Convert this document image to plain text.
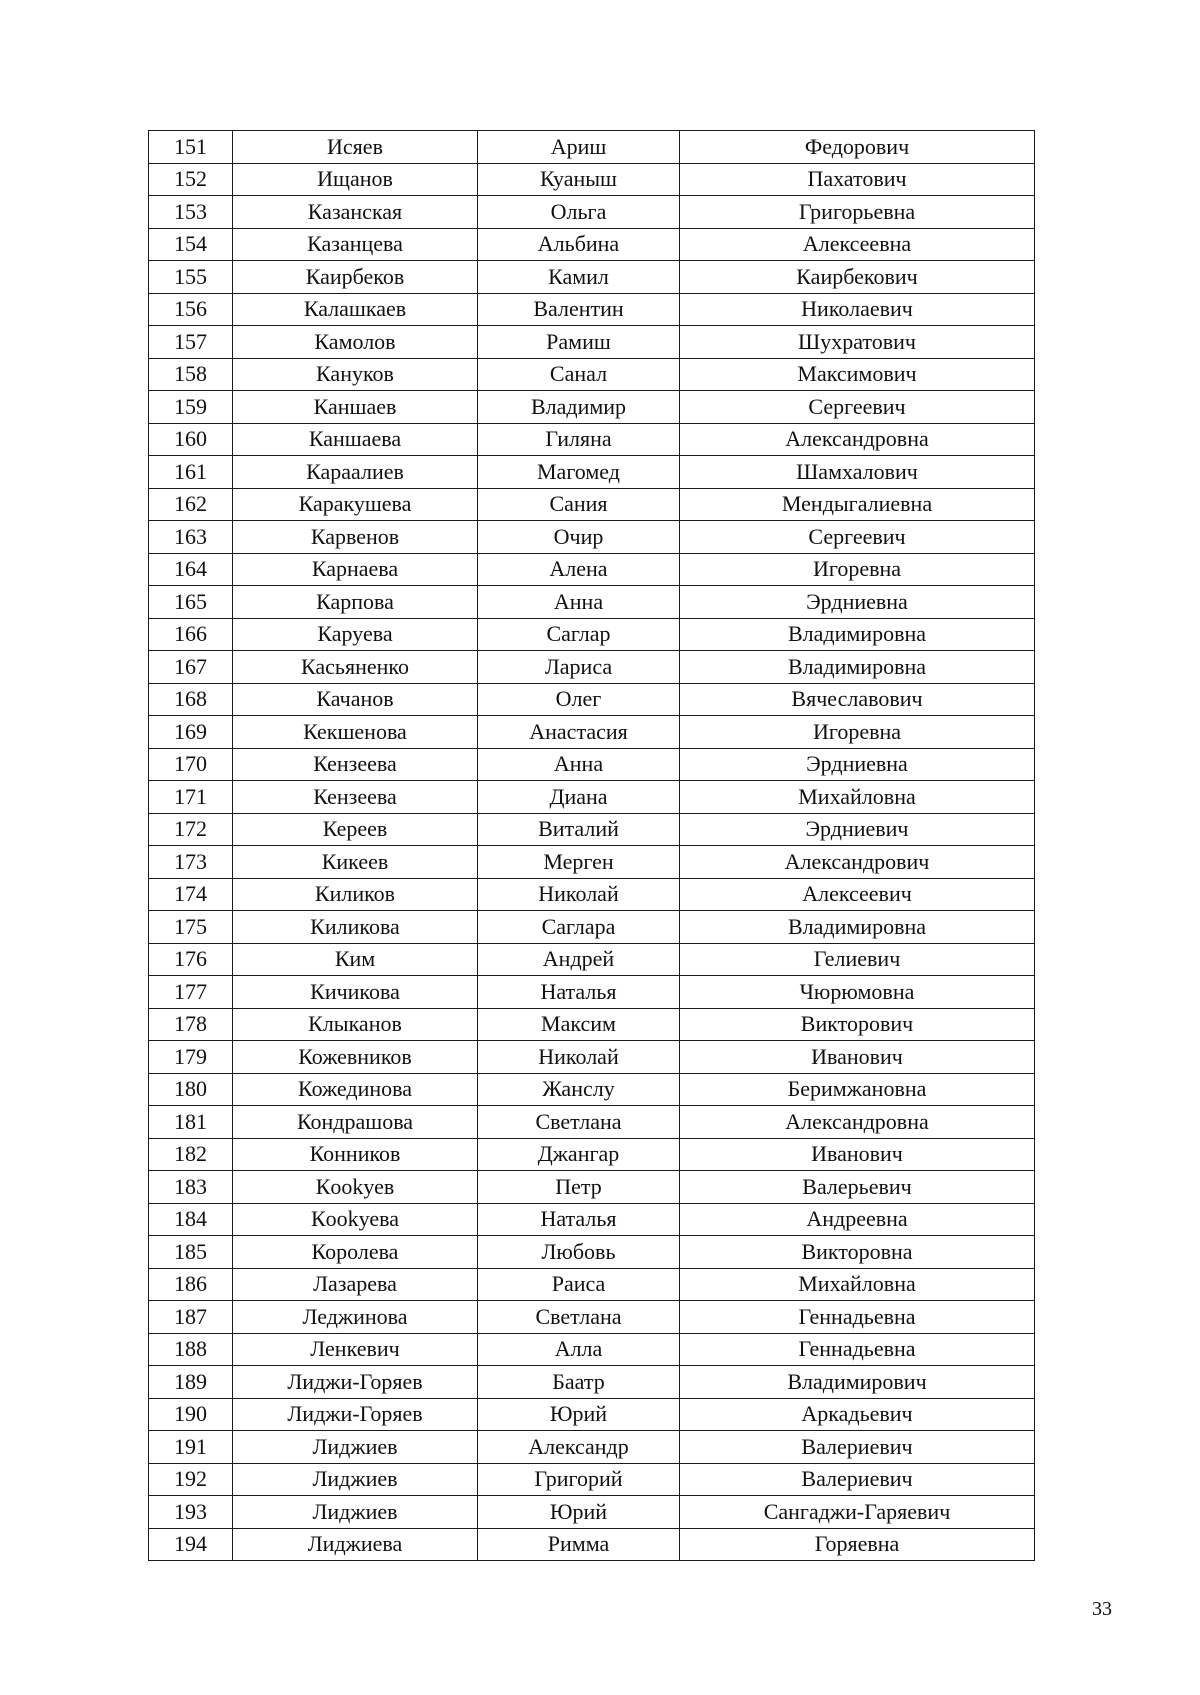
151	Исяев	Ариш	Федорович
152	Ищанов	Куаныш	Пахатович
153	Казанская	Ольга	Григорьевна
154	Казанцева	Альбина	Алексеевна
155	Каирбеков	Камил	Каирбекович
156	Калашкаев	Валентин	Николаевич
157	Камолов	Рамиш	Шухратович
158	Кануков	Санал	Максимович
159	Каншаев	Владимир	Сергеевич
160	Каншаева	Гиляна	Александровна
161	Караалиев	Магомед	Шамхалович
162	Каракушева	Сания	Мендыгалиевна
163	Карвенов	Очир	Сергеевич
164	Карнаева	Алена	Игоревна
165	Карпова	Анна	Эрдниевна
166	Каруева	Саглар	Владимировна
167	Касьяненко	Лариса	Владимировна
168	Качанов	Олег	Вячеславович
169	Кекшенова	Анастасия	Игоревна
170	Кензеева	Анна	Эрдниевна
171	Кензеева	Диана	Михайловна
172	Кереев	Виталий	Эрдниевич
173	Кикеев	Мерген	Александрович
174	Киликов	Николай	Алексеевич
175	Киликова	Саглара	Владимировна
176	Ким	Андрей	Гелиевич
177	Кичикова	Наталья	Чюрюмовна
178	Клыканов	Максим	Викторович
179	Кожевников	Николай	Иванович
180	Кожединова	Жанслу	Беримжановна
181	Кондрашова	Светлана	Александровна
182	Конников	Джангар	Иванович
183	Кookуев	Петр	Валерьевич
184	Кookуева	Наталья	Андреевна
185	Королева	Любовь	Викторовна
186	Лазарева	Раиса	Михайловна
187	Леджинова	Светлана	Геннадьевна
188	Ленкевич	Алла	Геннадьевна
189	Лиджи-Горяев	Баатр	Владимирович
190	Лиджи-Горяев	Юрий	Аркадьевич
191	Лиджиев	Александр	Валериевич
192	Лиджиев	Григорий	Валериевич
193	Лиджиев	Юрий	Сангаджи-Гаряевич
194	Лиджиева	Римма	Горяевна
33
